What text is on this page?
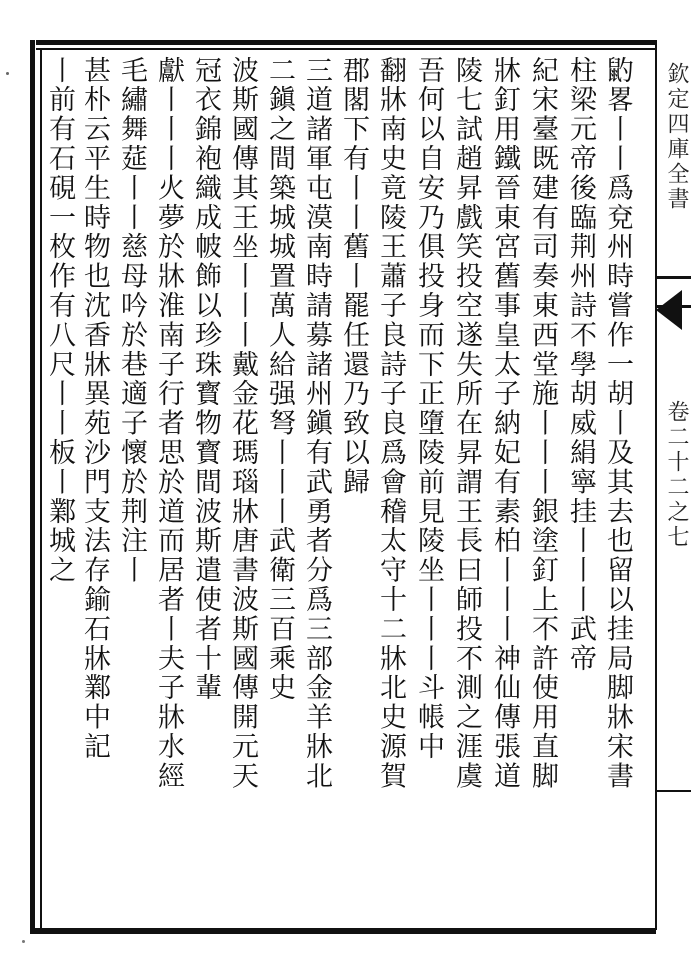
欽定四庫全書
卷二十二之七
䶂畧丨丨爲兗州時嘗作一胡丨及其去也留以挂局脚牀宋書
柱梁元帝後臨荆州詩不學胡威絹寧挂丨丨丨武帝
紀宋臺既建有司奏東西堂施丨丨丨銀塗釘上不許使用直脚
牀釘用鐵晉東宮舊事皇太子納妃有素柏丨丨丨神仙傳張道
陵七試趙昇戲笑投空遂失所在昇謂王長曰師投不測之涯虞
吾何以自安乃俱投身而下正墮陵前見陵坐丨丨丨斗帳中
翻牀南史竟陵王蕭子良詩子良爲會稽太守十二牀北史源賀
郡閣下有丨丨舊丨罷任還乃致以歸
三道諸軍屯漠南時請募諸州鎭有武勇者分爲三部金羊牀北
二鎭之間築城城置萬人給强弩丨丨丨武衛三百乘史
波斯國傳其王坐丨丨丨戴金花瑪瑙牀唐書波斯國傳開元天
冠衣錦袍織成帔飾以珍珠寳物寳間波斯遣使者十輩
獻丨丨丨火夢於牀淮南子行者思於道而居者丨夫子牀水經
毛繡舞莚丨丨慈母吟於巷適子懷於荆注丨
甚朴云平生時物也沈香牀異苑沙門支法存鍮石牀鄴中記
丨前有石硯一枚作有八尺丨丨板丨鄴城之
